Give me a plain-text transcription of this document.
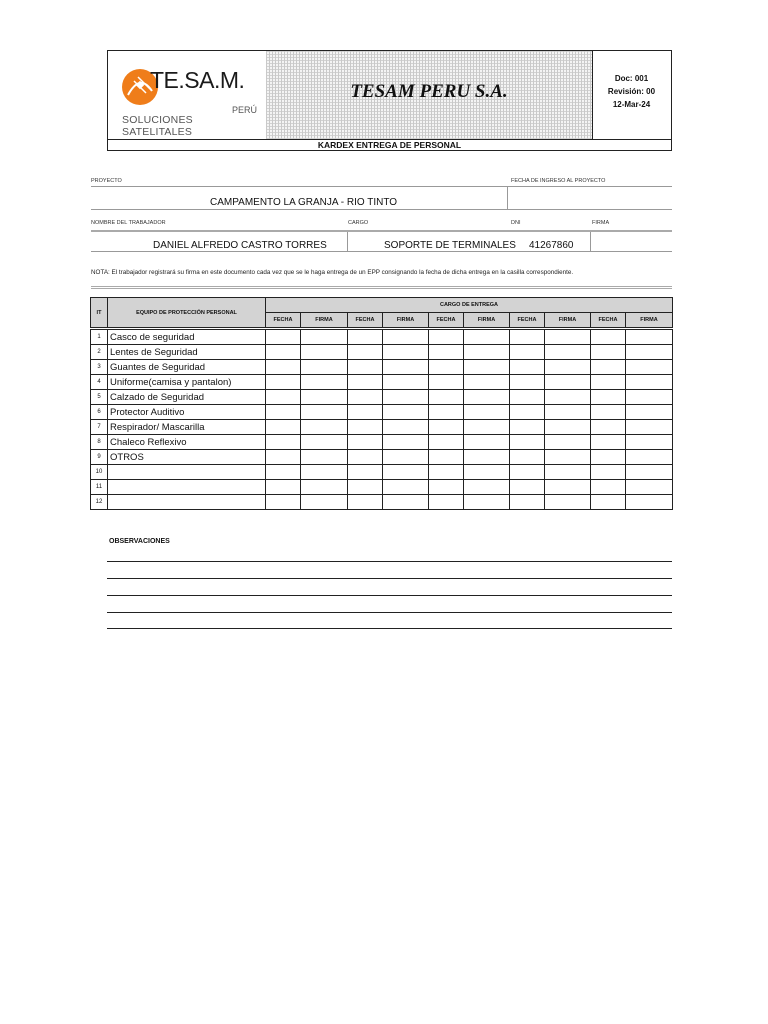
TE.SA.M.
PERÚ
SOLUCIONES SATELITALES
TESAM PERU S.A.
Doc: 001
Revisión: 00
12-Mar-24
KARDEX ENTREGA DE PERSONAL
PROYECTO	FECHA DE INGRESO AL PROYECTO
CAMPAMENTO LA GRANJA - RIO TINTO
NOMBRE DEL TRABAJADOR	CARGO	DNI	FIRMA
DANIEL ALFREDO CASTRO TORRES	SOPORTE DE TERMINALES 41267860
NOTA: El trabajador registrará su firma en este documento cada vez que se le haga entrega de un EPP consignando la fecha de dicha entrega en la casilla correspondiente.
IT	EQUIPO DE PROTECCIÓN PERSONAL	CARGO DE ENTREGA									
		FECHA	FIRMA	FECHA	FIRMA	FECHA	FIRMA	FECHA	FIRMA	FECHA	FIRMA

1	Casco de seguridad										
2	Lentes de Seguridad										
3	Guantes de Seguridad										
4	Uniforme(camisa y pantalon)										
5	Calzado de Seguridad										
6	Protector Auditivo										
7	Respirador/ Mascarilla										
8	Chaleco Reflexivo										
9	OTROS										
10											
11											
12											
OBSERVACIONES
